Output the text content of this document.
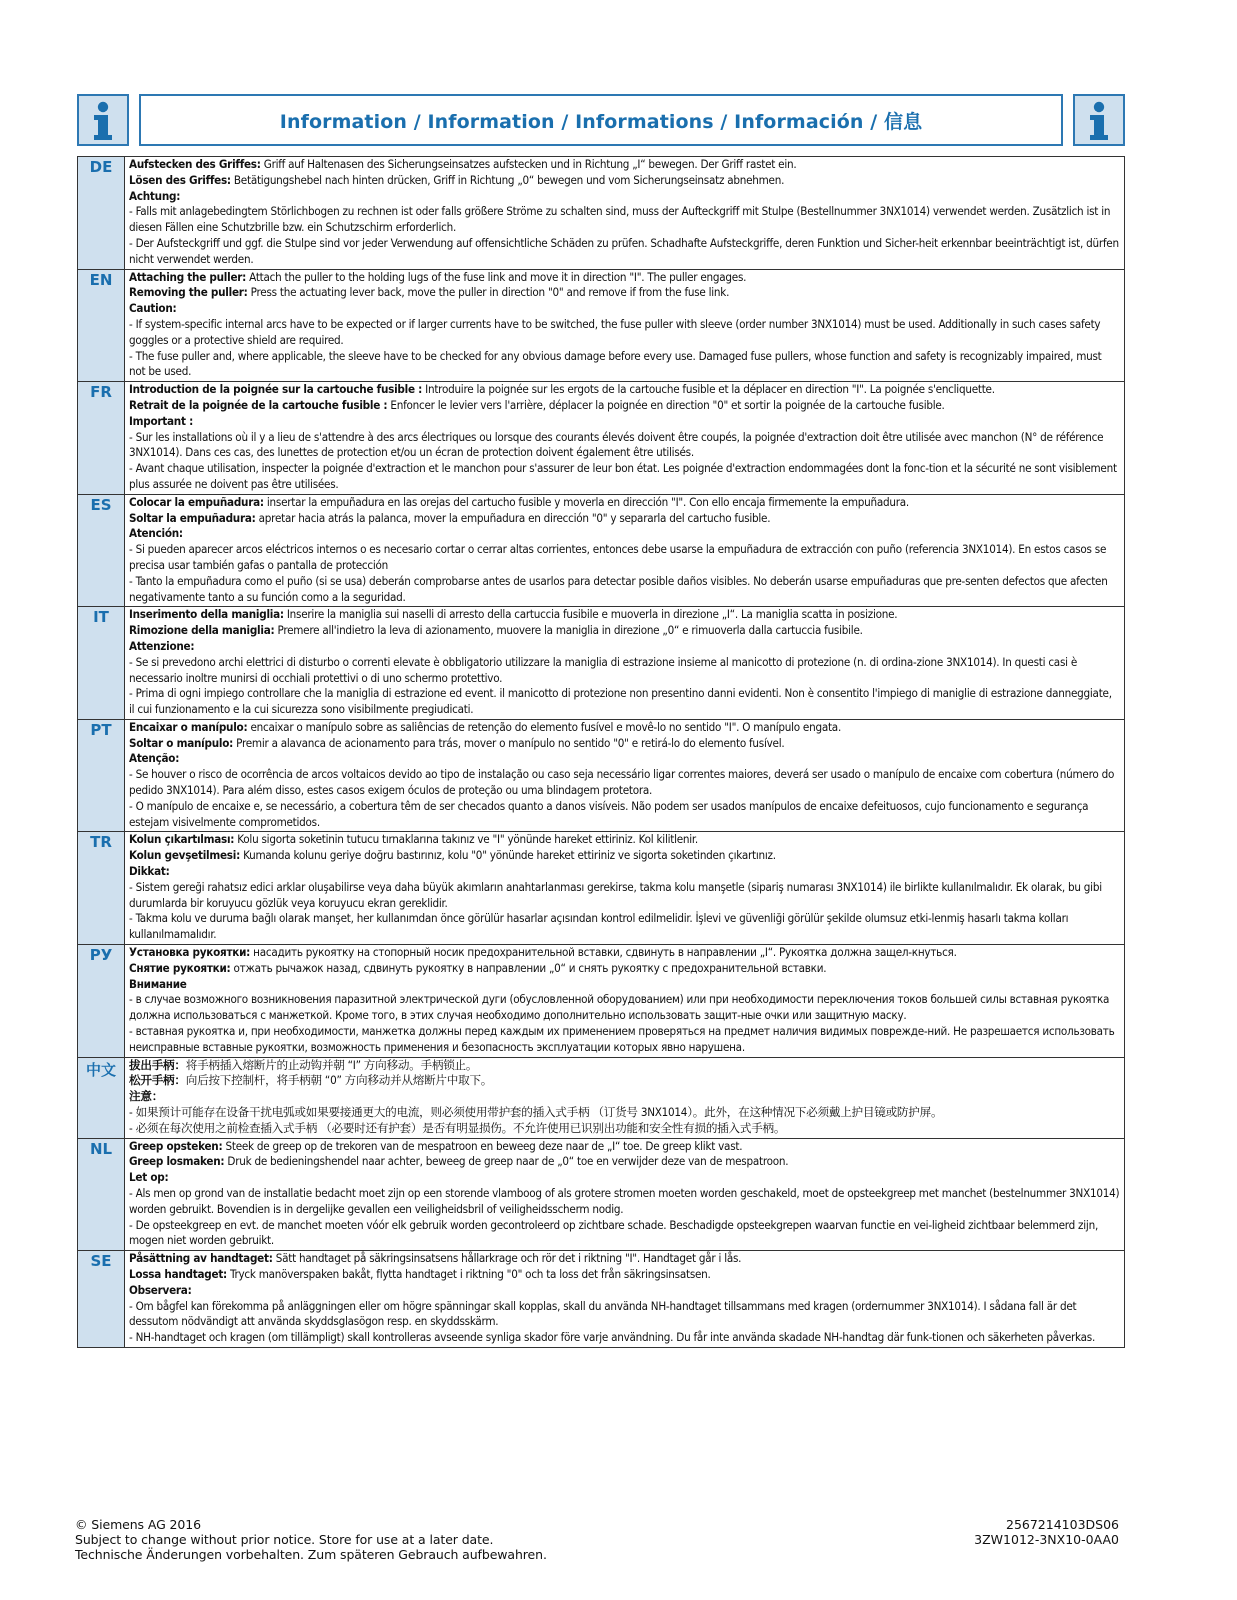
Information / Information / Informations / Información / 信息
DE	Aufstecken des Griffes: Griff auf Haltenasen des Sicherungseinsatzes aufstecken und in Richtung „I“ bewegen. Der Griff rastet ein.
Lösen des Griffes: Betätigungshebel nach hinten drücken, Griff in Richtung „0“ bewegen und vom Sicherungseinsatz abnehmen.
Achtung:
- Falls mit anlagebedingtem Störlichbogen zu rechnen ist oder falls größere Ströme zu schalten sind, muss der Aufteckgriff mit Stulpe (Bestellnummer 3NX1014) verwendet werden. Zusätzlich ist in diesen Fällen eine Schutzbrille bzw. ein Schutzschirm erforderlich.
- Der Aufsteckgriff und ggf. die Stulpe sind vor jeder Verwendung auf offensichtliche Schäden zu prüfen. Schadhafte Aufsteckgriffe, deren Funktion und Sicher-heit erkennbar beeinträchtigt ist, dürfen nicht verwendet werden.

EN	Attaching the puller: Attach the puller to the holding lugs of the fuse link and move it in direction "I". The puller engages.
Removing the puller: Press the actuating lever back, move the puller in direction "0" and remove if from the fuse link.
Caution:
- If system-specific internal arcs have to be expected or if larger currents have to be switched, the fuse puller with sleeve (order number 3NX1014) must be used. Additionally in such cases safety goggles or a protective shield are required.
- The fuse puller and, where applicable, the sleeve have to be checked for any obvious damage before every use. Damaged fuse pullers, whose function and safety is recognizably impaired, must not be used.

FR	Introduction de la poignée sur la cartouche fusible : Introduire la poignée sur les ergots de la cartouche fusible et la déplacer en direction "I". La poignée s'encliquette.
Retrait de la poignée de la cartouche fusible : Enfoncer le levier vers l'arrière, déplacer la poignée en direction "0" et sortir la poignée de la cartouche fusible.
Important :
- Sur les installations où il y a lieu de s'attendre à des arcs électriques ou lorsque des courants élevés doivent être coupés, la poignée d'extraction doit être utilisée avec manchon (N° de référence 3NX1014). Dans ces cas, des lunettes de protection et/ou un écran de protection doivent également être utilisés.
- Avant chaque utilisation, inspecter la poignée d'extraction et le manchon pour s'assurer de leur bon état. Les poignée d'extraction endommagées dont la fonc-tion et la sécurité ne sont visiblement plus assurée ne doivent pas être utilisées.

ES	Colocar la empuñadura: insertar la empuñadura en las orejas del cartucho fusible y moverla en dirección "I". Con ello encaja firmemente la empuñadura.
Soltar la empuñadura: apretar hacia atrás la palanca, mover la empuñadura en dirección "0" y separarla del cartucho fusible.
Atención:
- Si pueden aparecer arcos eléctricos internos o es necesario cortar o cerrar altas corrientes, entonces debe usarse la empuñadura de extracción con puño (referencia 3NX1014). En estos casos se precisa usar también gafas o pantalla de protección
- Tanto la empuñadura como el puño (si se usa) deberán comprobarse antes de usarlos para detectar posible daños visibles. No deberán usarse empuñaduras que pre-senten defectos que afecten negativamente tanto a su función como a la seguridad.

IT	Inserimento della maniglia: Inserire la maniglia sui naselli di arresto della cartuccia fusibile e muoverla in direzione „I“. La maniglia scatta in posizione.
Rimozione della maniglia: Premere all'indietro la leva di azionamento, muovere la maniglia in direzione „0“ e rimuoverla dalla cartuccia fusibile.
Attenzione:
- Se si prevedono archi elettrici di disturbo o correnti elevate è obbligatorio utilizzare la maniglia di estrazione insieme al manicotto di protezione (n. di ordina-zione 3NX1014). In questi casi è necessario inoltre munirsi di occhiali protettivi o di uno schermo protettivo.
- Prima di ogni impiego controllare che la maniglia di estrazione ed event. il manicotto di protezione non presentino danni evidenti. Non è consentito l'impiego di maniglie di estrazione danneggiate, il cui funzionamento e la cui sicurezza sono visibilmente pregiudicati.

PT	Encaixar o manípulo: encaixar o manípulo sobre as saliências de retenção do elemento fusível e movê-lo no sentido "I". O manípulo engata.
Soltar o manípulo: Premir a alavanca de acionamento para trás, mover o manípulo no sentido "0" e retirá-lo do elemento fusível.
Atenção:
- Se houver o risco de ocorrência de arcos voltaicos devido ao tipo de instalação ou caso seja necessário ligar correntes maiores, deverá ser usado o manípulo de encaixe com cobertura (número do pedido 3NX1014). Para além disso, estes casos exigem óculos de proteção ou uma blindagem protetora.
- O manípulo de encaixe e, se necessário, a cobertura têm de ser checados quanto a danos visíveis. Não podem ser usados manípulos de encaixe defeituosos, cujo funcionamento e segurança estejam visivelmente comprometidos.

TR	Kolun çıkartılması: Kolu sigorta soketinin tutucu tırnaklarına takınız ve "I" yönünde hareket ettiriniz. Kol kilitlenir.
Kolun gevşetilmesi: Kumanda kolunu geriye doğru bastırınız, kolu "0" yönünde hareket ettiriniz ve sigorta soketinden çıkartınız.
Dikkat:
- Sistem gereği rahatsız edici arklar oluşabilirse veya daha büyük akımların anahtarlanması gerekirse, takma kolu manşetle (sipariş numarası 3NX1014) ile birlikte kullanılmalıdır. Ek olarak, bu gibi durumlarda bir koruyucu gözlük veya koruyucu ekran gereklidir.
- Takma kolu ve duruma bağlı olarak manşet, her kullanımdan önce görülür hasarlar açısından kontrol edilmelidir. İşlevi ve güvenliği görülür şekilde olumsuz etki-lenmiş hasarlı takma kolları kullanılmamalıdır.

РУ	Установка рукоятки: насадить рукоятку на стопорный носик предохранительной вставки, сдвинуть в направлении „I“. Рукоятка должна защел-кнуться.
Снятие рукоятки: отжать рычажок назад, сдвинуть рукоятку в направлении „0“ и снять рукоятку с предохранительной вставки.
Внимание
- в случае возможного возникновения паразитной электрической дуги (обусловленной оборудованием) или при необходимости переключения токов большей силы вставная рукоятка должна использоваться с манжеткой. Кроме того, в этих случая необходимо дополнительно использовать защит-ные очки или защитную маску.
- вставная рукоятка и, при необходимости, манжетка должны перед каждым их применением проверяться на предмет наличия видимых поврежде-ний. Не разрешается использовать неисправные вставные рукоятки, возможность применения и безопасность эксплуатации которых явно нарушена.

中文	拔出手柄：将手柄插入熔断片的止动钩并朝 “I” 方向移动。手柄锁止。
松开手柄：向后按下控制杆，将手柄朝 “0” 方向移动并从熔断片中取下。
注意：
- 如果预计可能存在设备干扰电弧或如果要接通更大的电流，则必须使用带护套的插入式手柄 （订货号 3NX1014）。此外，在这种情况下必须戴上护目镜或防护屏。
- 必须在每次使用之前检查插入式手柄 （必要时还有护套）是否有明显损伤。不允许使用已识别出功能和安全性有损的插入式手柄。

NL	Greep opsteken: Steek de greep op de trekoren van de mespatroon en beweeg deze naar de „I“ toe. De greep klikt vast.
Greep losmaken: Druk de bedieningshendel naar achter, beweeg de greep naar de „0“ toe en verwijder deze van de mespatroon.
Let op:
- Als men op grond van de installatie bedacht moet zijn op een storende vlamboog of als grotere stromen moeten worden geschakeld, moet de opsteekgreep met manchet (bestelnummer 3NX1014) worden gebruikt. Bovendien is in dergelijke gevallen een veiligheidsbril of veiligheidsscherm nodig.
- De opsteekgreep en evt. de manchet moeten vóór elk gebruik worden gecontroleerd op zichtbare schade. Beschadigde opsteekgrepen waarvan functie en vei-ligheid zichtbaar belemmerd zijn, mogen niet worden gebruikt.

SE	Påsättning av handtaget: Sätt handtaget på säkringsinsatsens hållarkrage och rör det i riktning "I". Handtaget går i lås.
Lossa handtaget: Tryck manöverspaken bakåt, flytta handtaget i riktning "0" och ta loss det från säkringsinsatsen.
Observera:
- Om bågfel kan förekomma på anläggningen eller om högre spänningar skall kopplas, skall du använda NH-handtaget tillsammans med kragen (ordernummer 3NX1014). I sådana fall är det dessutom nödvändigt att använda skyddsglasögon resp. en skyddsskärm.
- NH-handtaget och kragen (om tillämpligt) skall kontrolleras avseende synliga skador före varje användning. Du får inte använda skadade NH-handtag där funk-tionen och säkerheten påverkas.
© Siemens AG 2016
Subject to change without prior notice. Store for use at a later date.
Technische Änderungen vorbehalten. Zum späteren Gebrauch aufbewahren.
2567214103DS06
3ZW1012-3NX10-0AA0
